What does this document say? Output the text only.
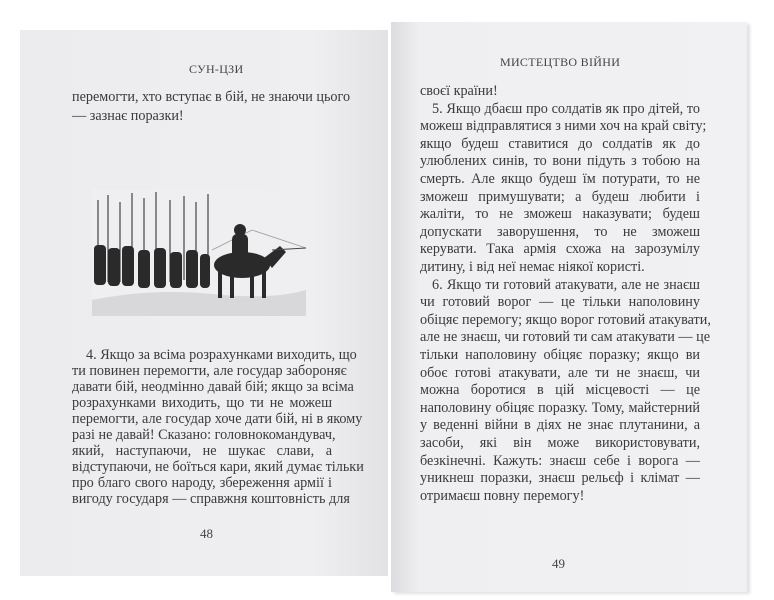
СУН-ЦЗИ
перемогти, хто вступає в бій, не знаючи цього
— зазнає поразки!
4. Якщо за всіма розрахунками виходить, що
ти повинен перемогти, але государ забороняє
давати бій, неодмінно давай бій; якщо за всіма
розрахунками виходить, що ти не можеш
перемогти, але государ хоче дати бій, ні в якому
разі не давай! Сказано: головнокомандувач,
який, наступаючи, не шукає слави, а
відступаючи, не боїться кари, який думає тільки
про благо свого народу, збереження армії і
вигоду государя — справжня коштовність для
48
МИСТЕЦТВО ВІЙНИ
своєї країни!
5. Якщо дбаєш про солдатів як про дітей, то
можеш відправлятися з ними хоч на край світу;
якщо будеш ставитися до солдатів як до
улюблених синів, то вони підуть з тобою на
смерть. Але якщо будеш їм потурати, то не
зможеш примушувати; а будеш любити і
жаліти, то не зможеш наказувати; будеш
допускати заворушення, то не зможеш
керувати. Така армія схожа на зарозумілу
дитину, і від неї немає ніякої користі.
6. Якщо ти готовий атакувати, але не знаєш
чи готовий ворог — це тільки наполовину
обіцяє перемогу; якщо ворог готовий атакувати,
але не знаєш, чи готовий ти сам атакувати — це
тільки наполовину обіцяє поразку; якщо ви
обоє готові атакувати, але ти не знаєш, чи
можна боротися в цій місцевості — це
наполовину обіцяє поразку. Тому, майстерний
у веденні війни в діях не знає плутанини, а
засоби, які він може використовувати,
безкінечні. Кажуть: знаєш себе і ворога —
уникнеш поразки, знаєш рельєф і клімат —
отримаєш повну перемогу!
49
